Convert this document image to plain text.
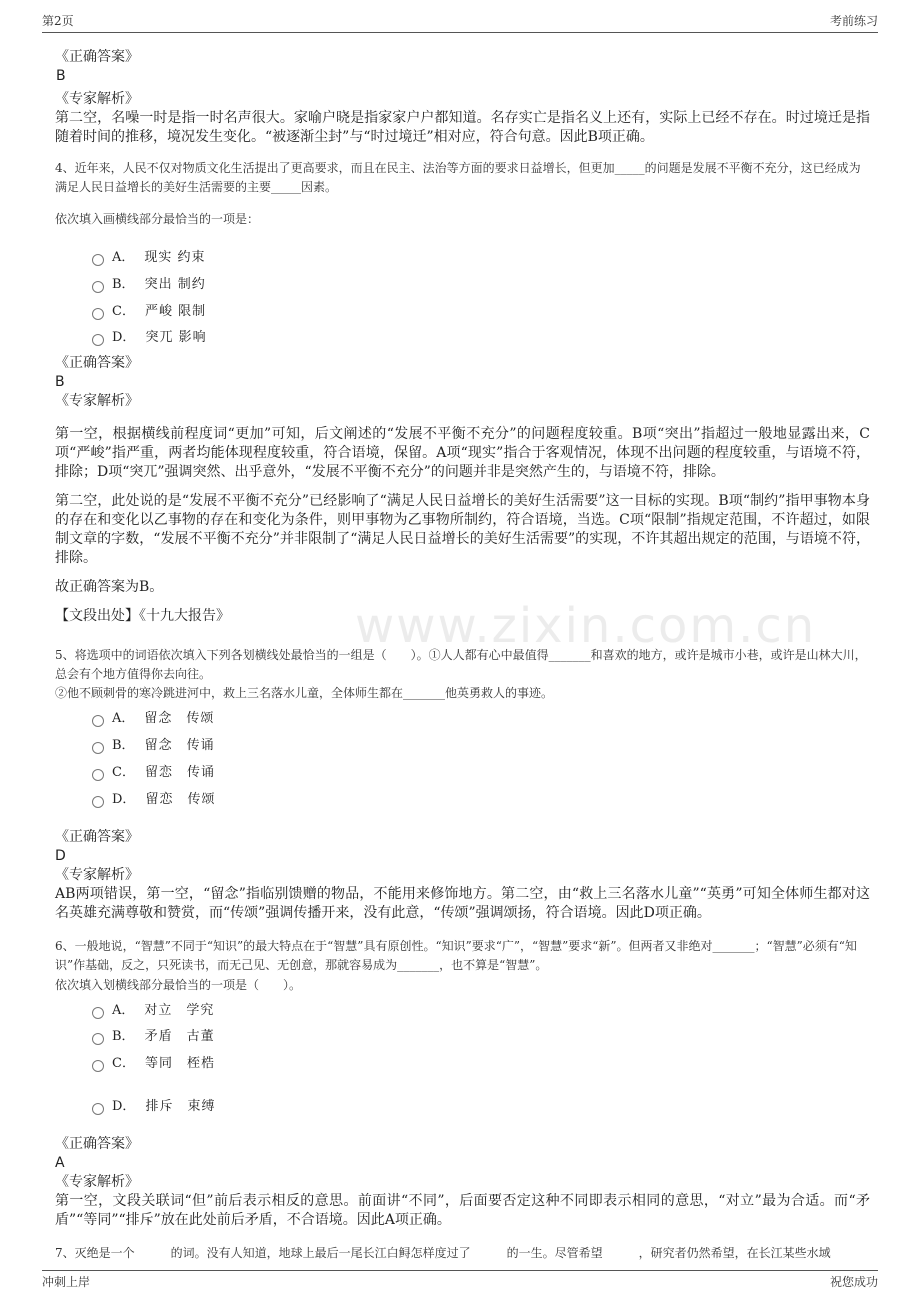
第2页	考前练习
www.zixin.com.cn
《正确答案》
B
《专家解析》

第二空，名噪一时是指一时名声很大。家喻户晓是指家家户户都知道。名存实亡是指名义上还有，实际上已经不存在。时过境迁是指随着时间的推移，境况发生变化。“被逐渐尘封”与“时过境迁”相对应，符合句意。因此B项正确。

4、近年来，人民不仅对物质文化生活提出了更高要求，而且在民主、法治等方面的要求日益增长，但更加_____的问题是发展不平衡不充分，这已经成为满足人民日益增长的美好生活需要的主要_____因素。
依次填入画横线部分最恰当的一项是：
A． 现实 约束
B． 突出 制约
C． 严峻 限制
D． 突兀 影响
《正确答案》
B
《专家解析》

第一空，根据横线前程度词“更加”可知，后文阐述的“发展不平衡不充分”的问题程度较重。B项“突出”指超过一般地显露出来，C项“严峻”指严重，两者均能体现程度较重，符合语境，保留。A项“现实”指合于客观情况，体现不出问题的程度较重，与语境不符，排除；D项“突兀”强调突然、出乎意外，“发展不平衡不充分”的问题并非是突然产生的，与语境不符，排除。

第二空，此处说的是“发展不平衡不充分”已经影响了“满足人民日益增长的美好生活需要”这一目标的实现。B项“制约”指甲事物本身的存在和变化以乙事物的存在和变化为条件，则甲事物为乙事物所制约，符合语境，当选。C项“限制”指规定范围，不许超过，如限制文章的字数，“发展不平衡不充分”并非限制了“满足人民日益增长的美好生活需要”的实现，不许其超出规定的范围，与语境不符，排除。

故正确答案为B。

【文段出处】《十九大报告》

5、将选项中的词语依次填入下列各划横线处最恰当的一组是（　　）。①人人都有心中最值得_______和喜欢的地方，或许是城市小巷，或许是山林大川，总会有个地方值得你去向往。
②他不顾刺骨的寒冷跳进河中，救上三名落水儿童，全体师生都在_______他英勇救人的事迹。
A． 留念　传颂
B． 留念　传诵
C． 留恋　传诵
D． 留恋　传颂
《正确答案》
D
《专家解析》

AB两项错误，第一空，“留念”指临别馈赠的物品，不能用来修饰地方。第二空，由“救上三名落水儿童”“英勇”可知全体师生都对这名英雄充满尊敬和赞赏，而“传颂”强调传播开来，没有此意，“传颂”强调颂扬，符合语境。因此D项正确。

6、一般地说，“智慧”不同于“知识”的最大特点在于“智慧”具有原创性。“知识”要求“广”，“智慧”要求“新”。但两者又非绝对_______；“智慧”必须有“知识”作基础，反之，只死读书，而无己见、无创意，那就容易成为_______，也不算是“智慧”。
依次填入划横线部分最恰当的一项是（　　）。
A． 对立　学究
B． 矛盾　古董
C． 等同　桎梏
D． 排斥　束缚
《正确答案》
A
《专家解析》

第一空，文段关联词“但”前后表示相反的意思。前面讲“不同”，后面要否定这种不同即表示相同的意思，“对立”最为合适。而“矛盾”“等同”“排斥”放在此处前后矛盾，不合语境。因此A项正确。

7、灭绝是一个　　　的词。没有人知道，地球上最后一尾长江白鲟怎样度过了　　　的一生。尽管希望　　　，研究者仍然希望，在长江某些水域
冲刺上岸	祝您成功
